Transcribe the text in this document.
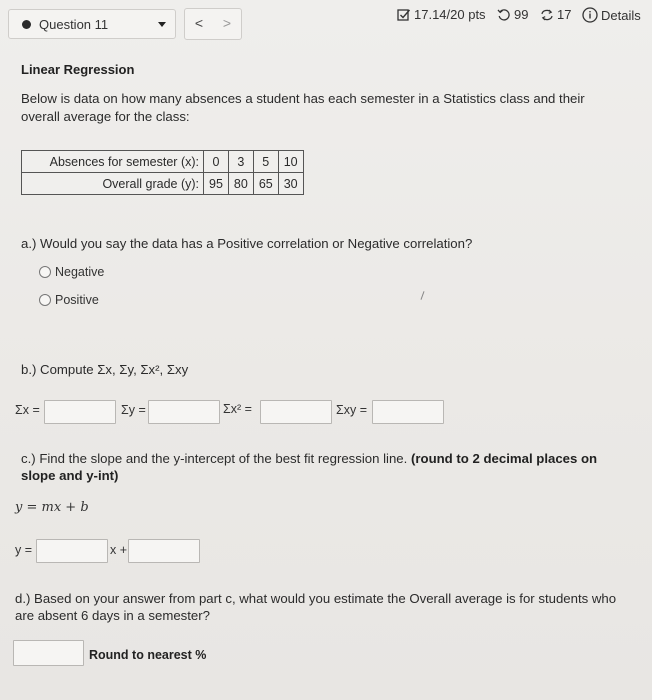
Question 11	<	>
17.14/20 pts 99 17 Details
Linear Regression
Below is data on how many absences a student has each semester in a Statistics class and their overall average for the class:
Absences for semester (x):	0	3	5	10
Overall grade (y):	95	80	65	30
a.) Would you say the data has a Positive correlation or Negative correlation?
Negative
Positive
b.) Compute Σx, Σy, Σx², Σxy
Σx =	Σy =	Σx² =	Σxy =
c.) Find the slope and the y-intercept of the best fit regression line. (round to 2 decimal places on slope and y-int)
y = mx + b
y =	x +
d.) Based on your answer from part c, what would you estimate the Overall average is for students who are absent 6 days in a semester?
Round to nearest %
